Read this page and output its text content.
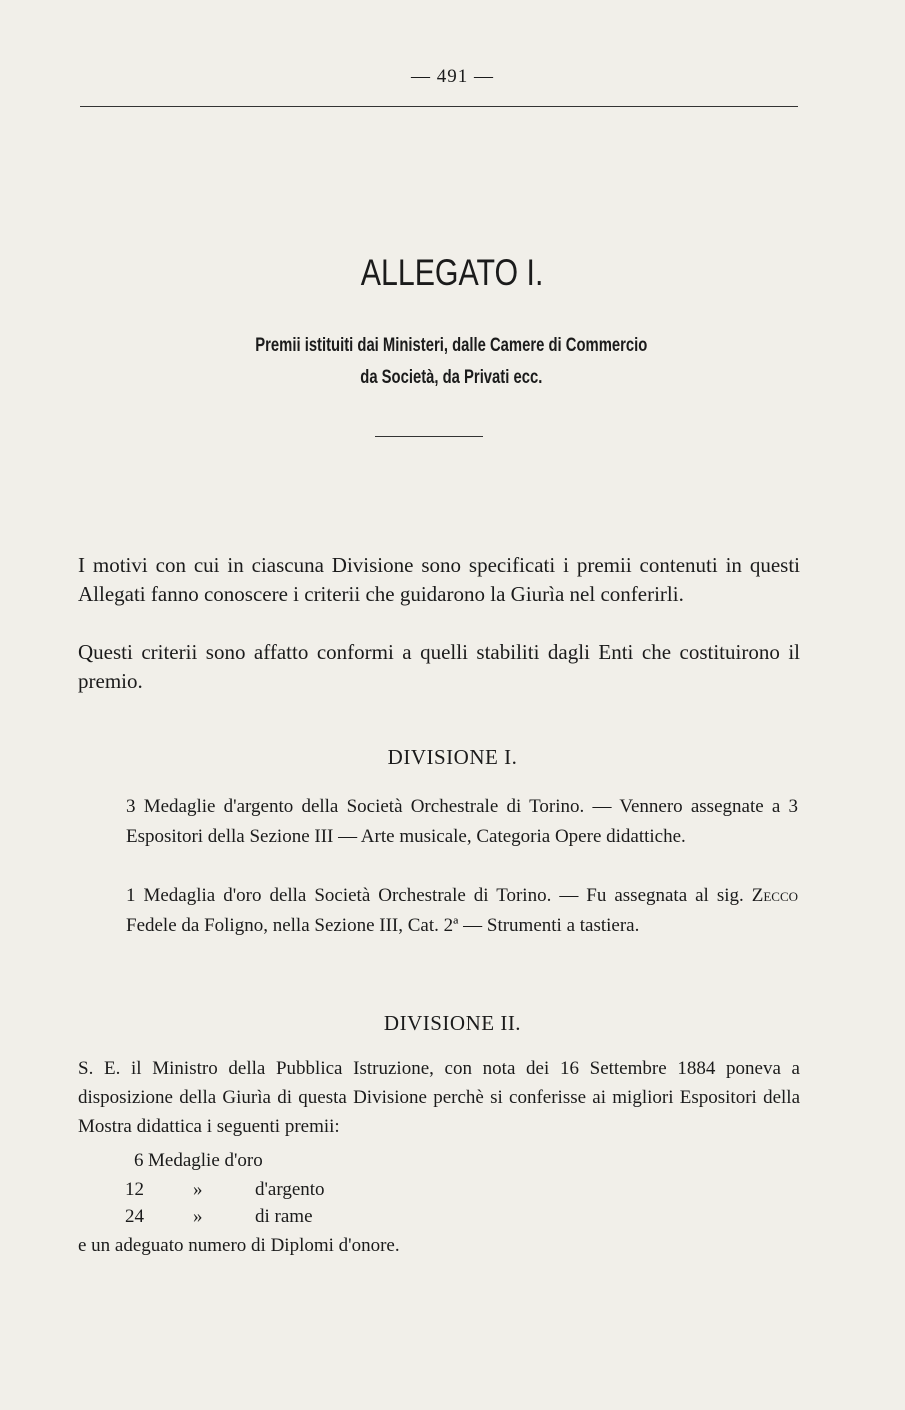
— 491 —
ALLEGATO I.
Premii istituiti dai Ministeri, dalle Camere di Commercio
da Società, da Privati ecc.
I motivi con cui in ciascuna Divisione sono specificati i premii contenuti in questi Allegati fanno conoscere i criterii che guidarono la Giurìa nel conferirli.
Questi criterii sono affatto conformi a quelli stabiliti dagli Enti che costituirono il premio.
DIVISIONE I.
3 Medaglie d'argento della Società Orchestrale di Torino. — Vennero assegnate a 3 Espositori della Sezione III — Arte musicale, Categoria Opere didattiche.
1 Medaglia d'oro della Società Orchestrale di Torino. — Fu assegnata al sig. Zecco Fedele da Foligno, nella Sezione III, Cat. 2ª — Strumenti a tastiera.
DIVISIONE II.
S. E. il Ministro della Pubblica Istruzione, con nota dei 16 Settembre 1884 poneva a disposizione della Giurìa di questa Divisione perchè si conferisse ai migliori Espositori della Mostra didattica i seguenti premii:
6 Medaglie d'oro
12	»	d'argento
24	»	di rame
e un adeguato numero di Diplomi d'onore.
